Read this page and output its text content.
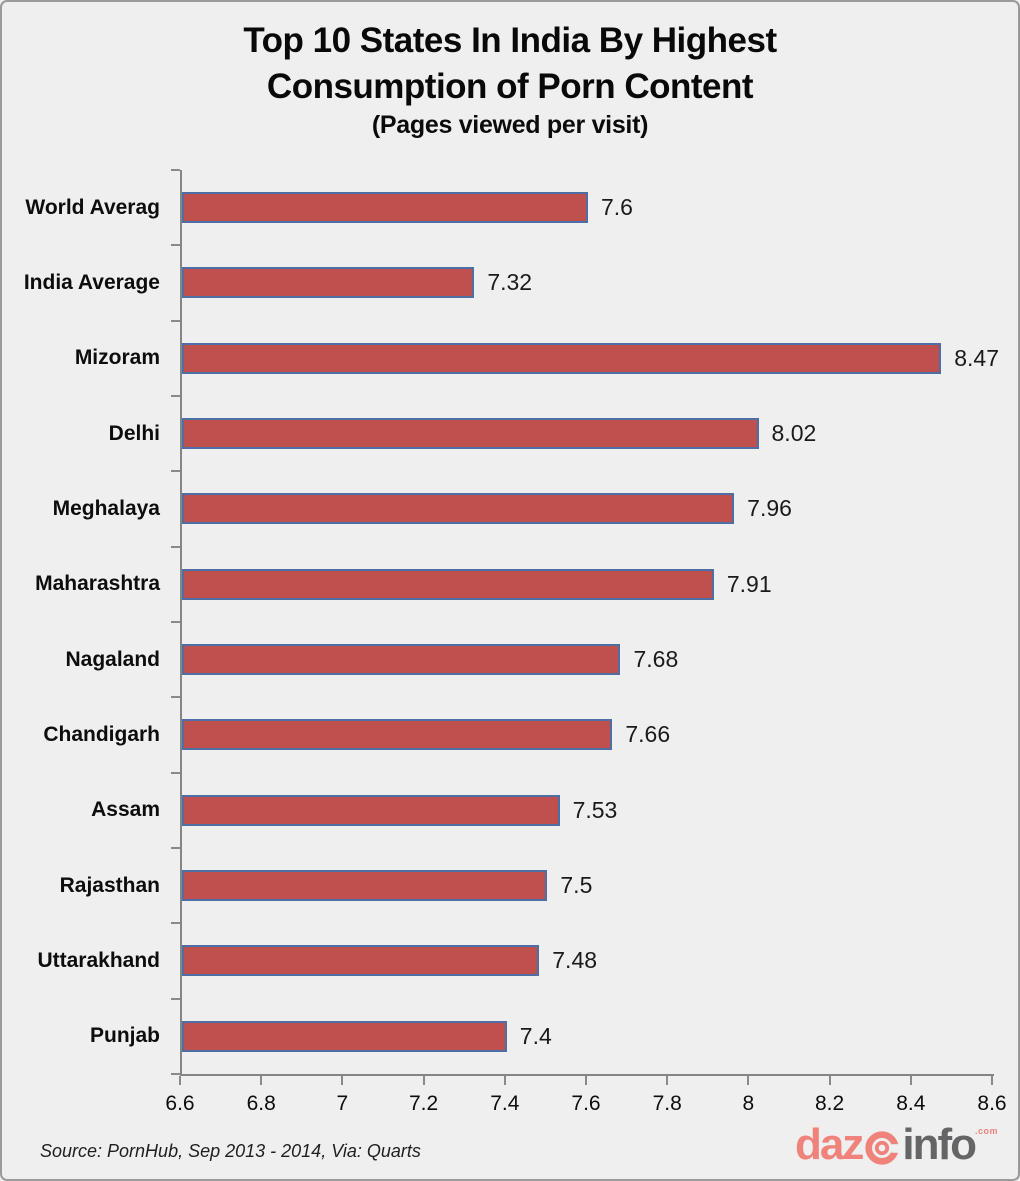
Top 10 States In India By Highest
Consumption of Porn Content
(Pages viewed per visit)
World Averag
India Average
Mizoram
Delhi
Meghalaya
Maharashtra
Nagaland
Chandigarh
Assam
Rajasthan
Uttarakhand
Punjab
7.6
7.32
8.47
8.02
7.96
7.91
7.68
7.66
7.53
7.5
7.48
7.4
6.6 6.8	7	7.2 7.4 7.6 7.8	8	8.2 8.4 8.6
Source: PornHub, Sep 2013 - 2014, Via: Quarts	daz info .com
